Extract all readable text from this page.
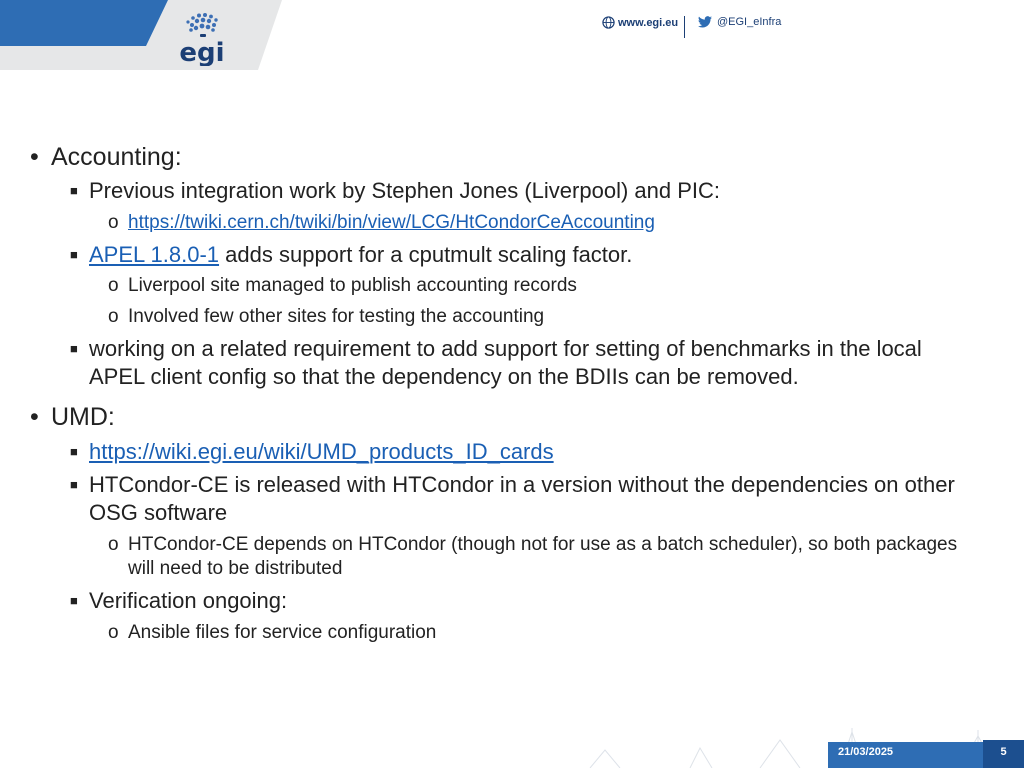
egi
• Accounting:
■ Previous integration work by Stephen Jones (Liverpool) and PIC:
o https://twiki.cern.ch/twiki/bin/view/LCG/HtCondorCeAccounting
■ APEL 1.8.0-1 adds support for a cputmult scaling factor.
o Liverpool site managed to publish accounting records
o Involved few other sites for testing the accounting
■ working on a related requirement to add support for setting of benchmarks in the local APEL client config so that the dependency on the BDIIs can be removed.
• UMD:
■ https://wiki.egi.eu/wiki/UMD_products_ID_cards
■ HTCondor-CE is released with HTCondor in a version without the dependencies on other OSG software
o HTCondor-CE depends on HTCondor (though not for use as a batch scheduler), so both packages will need to be distributed
■ Verification ongoing:
o Ansible files for service configuration
www.egi.eu	@EGI_eInfra
21/03/2025	5
